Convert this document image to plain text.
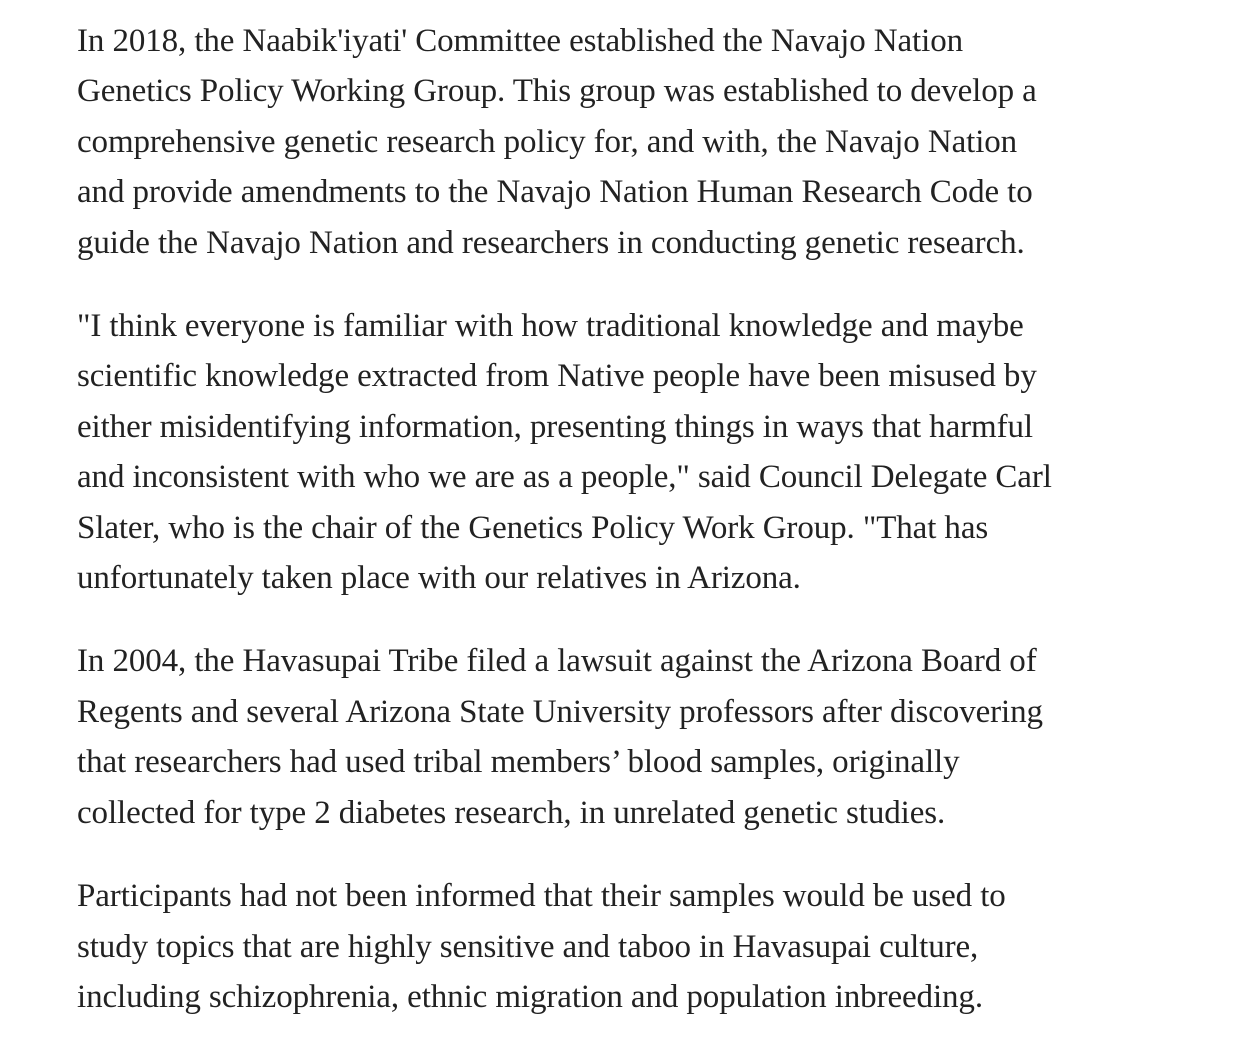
In 2018, the Naabik'iyati' Committee established the Navajo Nation
Genetics Policy Working Group. This group was established to develop a
comprehensive genetic research policy for, and with, the Navajo Nation
and provide amendments to the Navajo Nation Human Research Code to
guide the Navajo Nation and researchers in conducting genetic research.

"I think everyone is familiar with how traditional knowledge and maybe
scientific knowledge extracted from Native people have been misused by
either misidentifying information, presenting things in ways that harmful
and inconsistent with who we are as a people," said Council Delegate Carl
Slater, who is the chair of the Genetics Policy Work Group. "That has
unfortunately taken place with our relatives in Arizona.

In 2004, the Havasupai Tribe filed a lawsuit against the Arizona Board of
Regents and several Arizona State University professors after discovering
that researchers had used tribal members’ blood samples, originally
collected for type 2 diabetes research, in unrelated genetic studies.

Participants had not been informed that their samples would be used to
study topics that are highly sensitive and taboo in Havasupai culture,
including schizophrenia, ethnic migration and population inbreeding.
